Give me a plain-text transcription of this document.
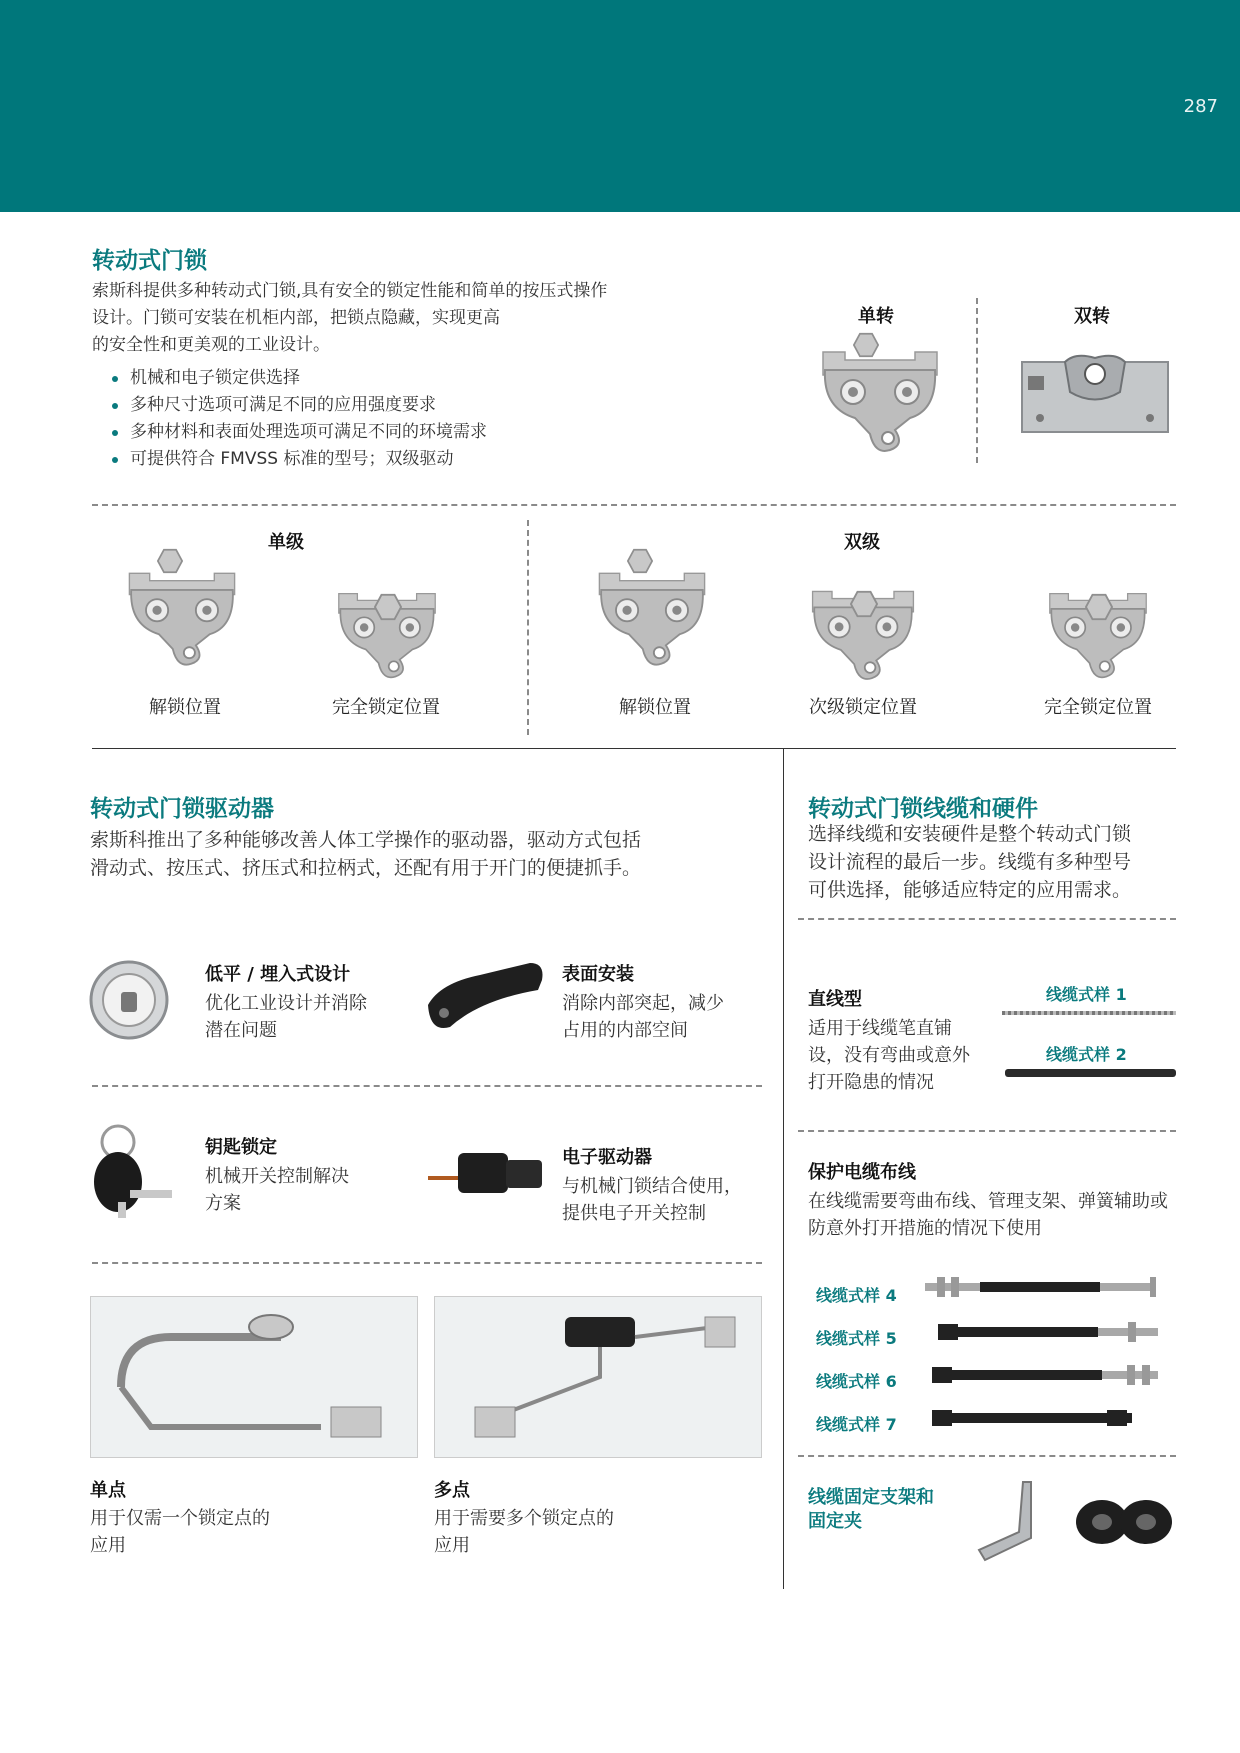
287
转动式门锁
索斯科提供多种转动式门锁,具有安全的锁定性能和简单的按压式操作
设计。门锁可安装在机柜内部，把锁点隐藏，实现更高
的安全性和更美观的工业设计。
机械和电子锁定供选择
多种尺寸选项可满足不同的应用强度要求
多种材料和表面处理选项可满足不同的环境需求
可提供符合 FMVSS 标准的型号；双级驱动
单转	双转
单级	双级
解锁位置	完全锁定位置	解锁位置	次级锁定位置	完全锁定位置
转动式门锁驱动器
索斯科推出了多种能够改善人体工学操作的驱动器，驱动方式包括
滑动式、按压式、挤压式和拉柄式，还配有用于开门的便捷抓手。
低平 / 埋入式设计
优化工业设计并消除
潜在问题
表面安装
消除内部突起，减少
占用的内部空间
钥匙锁定
机械开关控制解决
方案
电子驱动器
与机械门锁结合使用，
提供电子开关控制
单点
用于仅需一个锁定点的
应用
多点
用于需要多个锁定点的
应用
转动式门锁线缆和硬件
选择线缆和安装硬件是整个转动式门锁
设计流程的最后一步。线缆有多种型号
可供选择，能够适应特定的应用需求。
直线型
适用于线缆笔直铺
设，没有弯曲或意外
打开隐患的情况
线缆式样 1
线缆式样 2
保护电缆布线
在线缆需要弯曲布线、管理支架、弹簧辅助或
防意外打开措施的情况下使用
线缆式样 4
线缆式样 5
线缆式样 6
线缆式样 7
线缆固定支架和
固定夹
